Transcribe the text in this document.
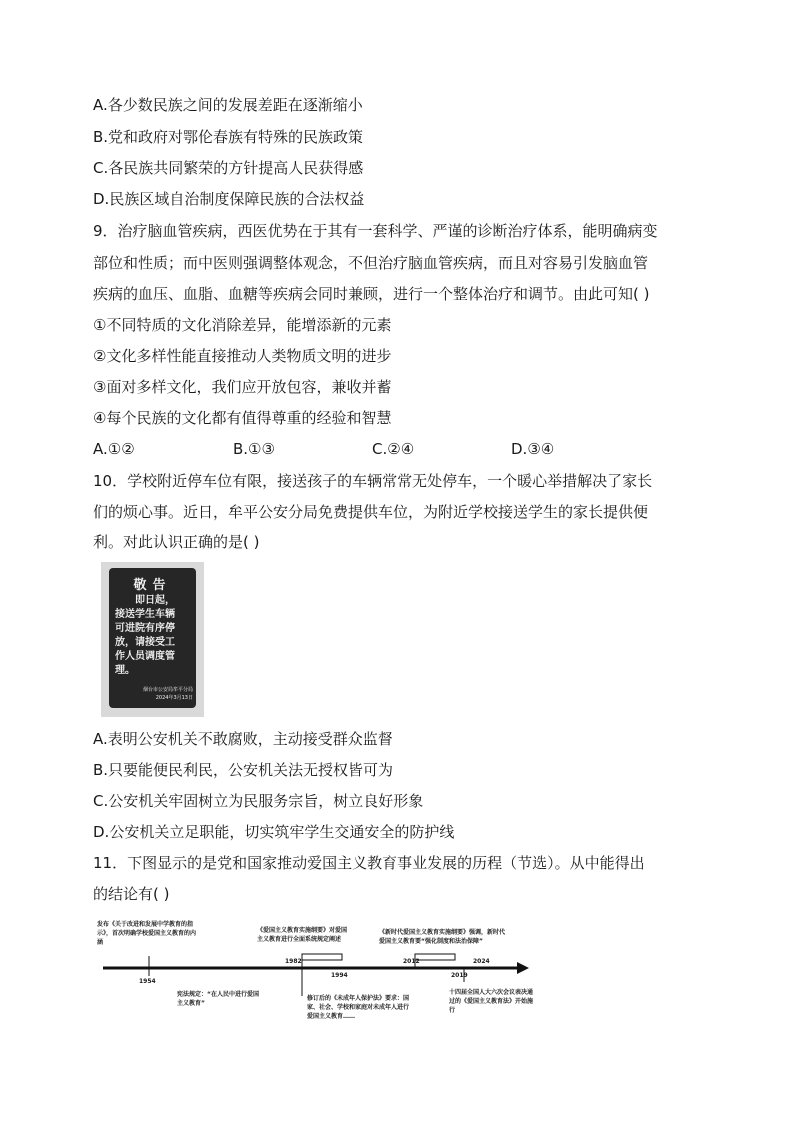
A.各少数民族之间的发展差距在逐渐缩小
B.党和政府对鄂伦春族有特殊的民族政策
C.各民族共同繁荣的方针提高人民获得感
D.民族区域自治制度保障民族的合法权益
9．治疗脑血管疾病，西医优势在于其有一套科学、严谨的诊断治疗体系，能明确病变
部位和性质；而中医则强调整体观念，不但治疗脑血管疾病，而且对容易引发脑血管
疾病的血压、血脂、血糖等疾病会同时兼顾，进行一个整体治疗和调节。由此可知( )
①不同特质的文化消除差异，能增添新的元素
②文化多样性能直接推动人类物质文明的进步
③面对多样文化，我们应开放包容，兼收并蓄
④每个民族的文化都有值得尊重的经验和智慧
A.①②	B.①③	C.②④	D.③④
10．学校附近停车位有限，接送孩子的车辆常常无处停车，一个暖心举措解决了家长
们的烦心事。近日，牟平公安分局免费提供车位，为附近学校接送学生的家长提供便
利。对此认识正确的是( )
敬告
即日起，
接送学生车辆
可进院有序停
放，请接受工
作人员调度管
理。
烟台市公安局牟平分局
2024年3月13日
A.表明公安机关不敢腐败，主动接受群众监督
B.只要能便民利民，公安机关法无授权皆可为
C.公安机关牢固树立为民服务宗旨，树立良好形象
D.公安机关立足职能，切实筑牢学生交通安全的防护线
11．下图显示的是党和国家推动爱国主义教育事业发展的历程（节选）。从中能得出
的结论有( )
1954
1982
1994
2012
2019
2024
发布《关于改进和发展中学教育的指示》，首次明确学校爱国主义教育的内涵
宪法规定：“在人民中进行爱国主义教育”
《爱国主义教育实施纲要》对爱国主义教育进行全面系统规定阐述
修订后的《未成年人保护法》要求：国家、社会、学校和家庭对未成年人进行爱国主义教育……
《新时代爱国主义教育实施纲要》强调，新时代爱国主义教育要“强化制度和法治保障”
十四届全国人大六次会议表决通过的《爱国主义教育法》开始施行
